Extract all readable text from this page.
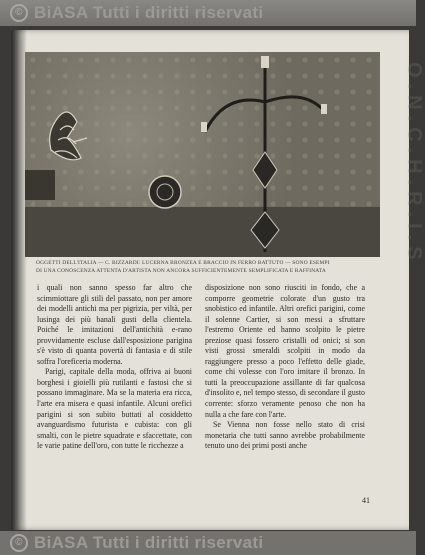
© BiASA Tutti i diritti riservati
O.N.C.H.R.I.S
OGGETTI DELL'ITALIA — C. BIZZARDI: LUCERNA BRONZEA E BRACCIO IN FERRO BATTUTO — SONO ESEMPI DI UNA CONOSCENZA ATTENTA D'ARTISTA NON ANCORA SUFFICIENTEMENTE SEMPLIFICATA E RAFFINATA

i quali non sanno spesso far altro che scimmiottare gli stili del passato, non per amore dei modelli antichi ma per pigrizia, per viltà, per lusinga dei più banali gusti della clientela. Poiché le imitazioni dell'antichità e-rano provvidamente escluse dall'esposizione parigina s'è visto di quanta povertà di fantasia e di stile soffra l'oreficeria moderna.

Parigi, capitale della moda, offriva ai buoni borghesi i gioielli più rutilanti e fastosi che si possano immaginare. Ma se la materia era ricca, l'arte era misera e quasi infantile. Alcuni orefici parigini si son subito buttati al cosiddetto avanguardismo futurista e cubista: con gli smalti, con le pietre squadrate e sfaccettate, con le varie patine dell'oro, con tutte le ricchezze a

disposizione non sono riusciti in fondo, che a comporre geometrie colorate d'un gusto tra snobistico ed infantile. Altri orefici parigini, come il solenne Cartier, si son messi a sfruttare l'estremo Oriente ed hanno scolpito le pietre preziose quasi fossero cristalli od onici; si son visti grossi smeraldi scolpiti in modo da raggiungere presso a poco l'effetto delle giade, come chi volesse con l'oro imitare il bronzo. In tutti la preoccupazione assillante di far qualcosa d'insolito e, nel tempo stesso, di secondare il gusto corrente: sforzo veramente penoso che non ha nulla a che fare con l'arte.

Se Vienna non fosse nello stato di crisi monetaria che tutti sanno avrebbe probabilmente tenuto uno dei primi posti anche

41
© BiASA Tutti i diritti riservati
